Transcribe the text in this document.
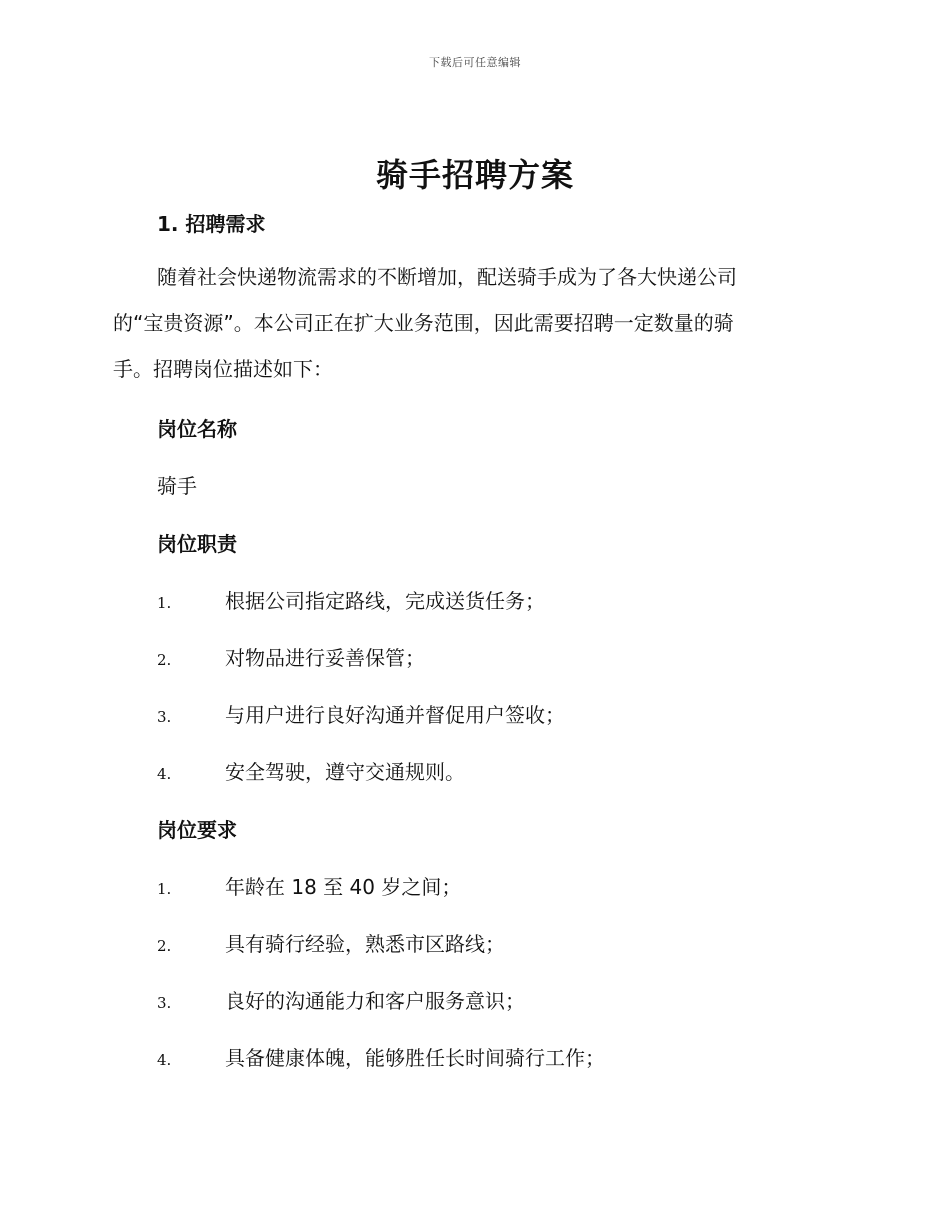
下载后可任意编辑
骑手招聘方案
1. 招聘需求
随着社会快递物流需求的不断增加，配送骑手成为了各大快递公司
的“宝贵资源”。本公司正在扩大业务范围，因此需要招聘一定数量的骑
手。招聘岗位描述如下：
岗位名称
骑手
岗位职责
1.	根据公司指定路线，完成送货任务；
2.	对物品进行妥善保管；
3.	与用户进行良好沟通并督促用户签收；
4.	安全驾驶，遵守交通规则。
岗位要求
1.	年龄在 18 至 40 岁之间；
2.	具有骑行经验，熟悉市区路线；
3.	良好的沟通能力和客户服务意识；
4.	具备健康体魄，能够胜任长时间骑行工作；
